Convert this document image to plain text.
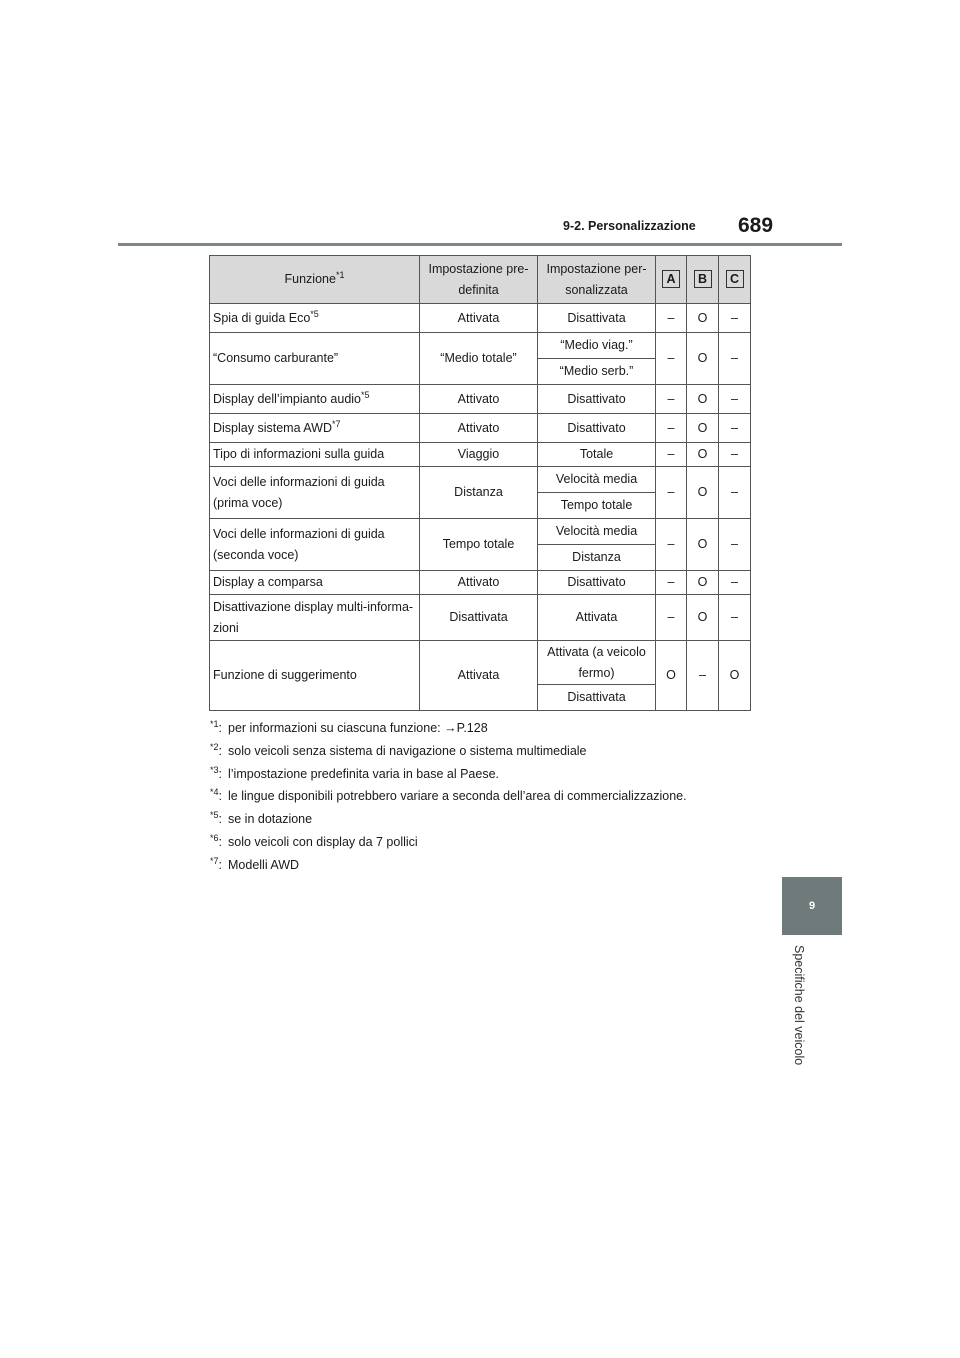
9-2. Personalizzazione 689
9
Specifiche del veicolo
Funzione$^{*1}$	Impostazione pre-definita	Impostazione per-sonalizzata	A	B	C
Spia di guida Eco$^{*5}$	Attivata	Disattivata	–	O	–
“Consumo carburante”	“Medio totale”	“Medio viag.”	–	O	–
		“Medio serb.”			
Display dell’impianto audio$^{*5}$	Attivato	Disattivato	–	O	–
Display sistema AWD$^{*7}$	Attivato	Disattivato	–	O	–
Tipo di informazioni sulla guida	Viaggio	Totale	–	O	–
Voci delle informazioni di guida (prima voce)	Distanza	Velocità media	–	O	–
		Tempo totale			
Voci delle informazioni di guida (seconda voce)	Tempo totale	Velocità media	–	O	–
		Distanza			
Display a comparsa	Attivato	Disattivato	–	O	–
Disattivazione display multi-informa-zioni	Disattivata	Attivata	–	O	–
Funzione di suggerimento	Attivata	Attivata (a veicolo fermo)	O	–	O
		Disattivata			
$^{*1}$: per informazioni su ciascuna funzione: →P.128
$^{*2}$: solo veicoli senza sistema di navigazione o sistema multimediale
$^{*3}$: l’impostazione predefinita varia in base al Paese.
$^{*4}$: le lingue disponibili potrebbero variare a seconda dell’area di commercializzazione.
$^{*5}$: se in dotazione
$^{*6}$: solo veicoli con display da 7 pollici
$^{*7}$: Modelli AWD
